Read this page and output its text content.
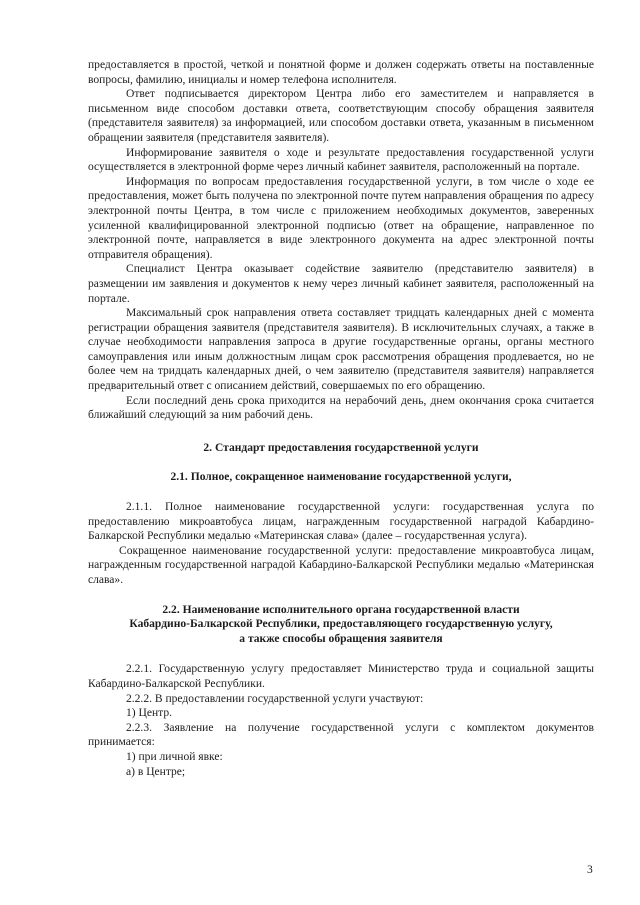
предоставляется в простой, четкой и понятной форме и должен содержать ответы на поставленные вопросы, фамилию, инициалы и номер телефона исполнителя.

Ответ подписывается директором Центра либо его заместителем и направляется в письменном виде способом доставки ответа, соответствующим способу обращения заявителя (представителя заявителя) за информацией, или способом доставки ответа, указанным в письменном обращении заявителя (представителя заявителя).

Информирование заявителя о ходе и результате предоставления государственной услуги осуществляется в электронной форме через личный кабинет заявителя, расположенный на портале.

Информация по вопросам предоставления государственной услуги, в том числе о ходе ее предоставления, может быть получена по электронной почте путем направления обращения по адресу электронной почты Центра, в том числе с приложением необходимых документов, заверенных усиленной квалифицированной электронной подписью (ответ на обращение, направленное по электронной почте, направляется в виде электронного документа на адрес электронной почты отправителя обращения).

Специалист Центра оказывает содействие заявителю (представителю заявителя) в размещении им заявления и документов к нему через личный кабинет заявителя, расположенный на портале.

Максимальный срок направления ответа составляет тридцать календарных дней с момента регистрации обращения заявителя (представителя заявителя). В исключительных случаях, а также в случае необходимости направления запроса в другие государственные органы, органы местного самоуправления или иным должностным лицам срок рассмотрения обращения продлевается, но не более чем на тридцать календарных дней, о чем заявителю (представителя заявителя) направляется предварительный ответ с описанием действий, совершаемых по его обращению.

Если последний день срока приходится на нерабочий день, днем окончания срока считается ближайший следующий за ним рабочий день.

2. Стандарт предоставления государственной услуги
2.1. Полное, сокращенное наименование государственной услуги,

2.1.1. Полное наименование государственной услуги: государственная услуга по предоставлению микроавтобуса лицам, награжденным государственной наградой Кабардино-Балкарской Республики медалью «Материнская слава» (далее – государственная услуга).

Сокращенное наименование государственной услуги: предоставление микроавтобуса лицам, награжденным государственной наградой Кабардино-Балкарской Республики медалью «Материнская слава».

2.2. Наименование исполнительного органа государственной власти
Кабардино-Балкарской Республики, предоставляющего государственную услугу,
а также способы обращения заявителя

2.2.1. Государственную услугу предоставляет Министерство труда и социальной защиты Кабардино-Балкарской Республики.

2.2.2. В предоставлении государственной услуги участвуют:

1) Центр.

2.2.3. Заявление на получение государственной услуги с комплектом документов принимается:

1) при личной явке:

а) в Центре;

3
